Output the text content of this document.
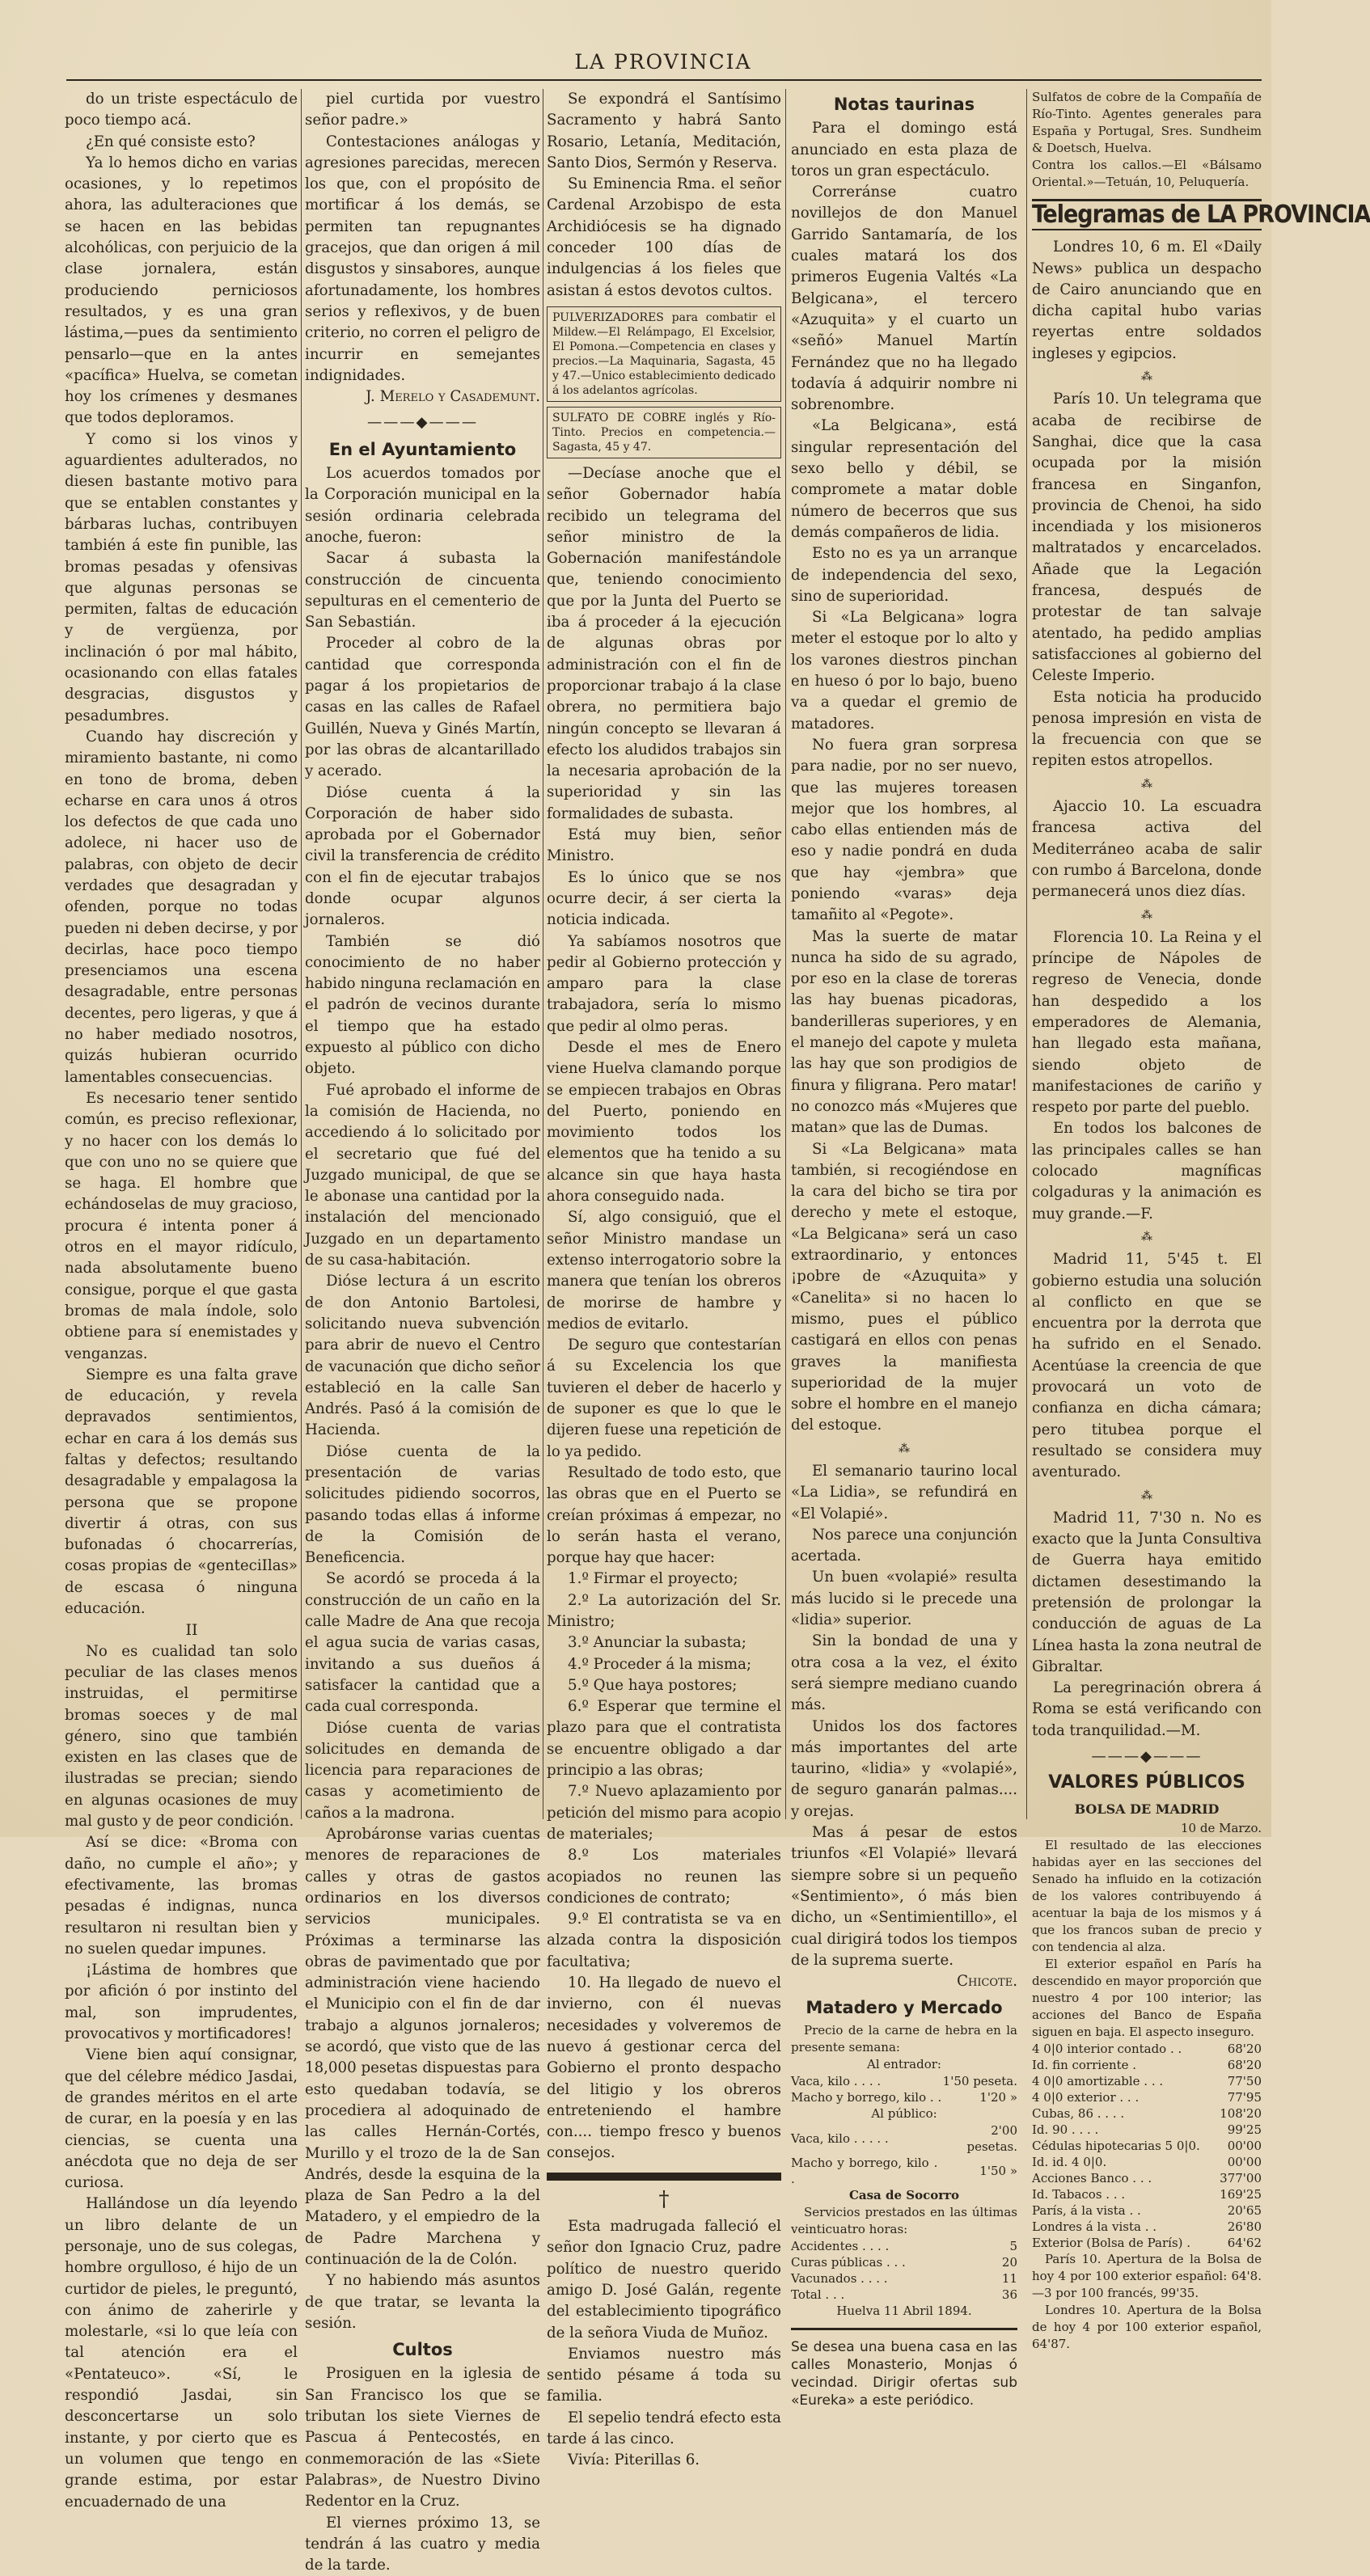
LA PROVINCIA

do un triste espectáculo de poco tiempo acá.

¿En qué consiste esto?

Ya lo hemos dicho en varias ocasiones, y lo repetimos ahora, las adulteraciones que se hacen en las bebidas alcohólicas, con perjuicio de la clase jornalera, están produciendo perniciosos resultados, y es una gran lástima,—pues da sentimiento pensarlo—que en la antes «pacífica» Huelva, se cometan hoy los crímenes y desmanes que todos deploramos.

Y como si los vinos y aguardientes adulterados, no diesen bastante motivo para que se entablen constantes y bárbaras luchas, contribuyen también á este fin punible, las bromas pesadas y ofensivas que algunas personas se permiten, faltas de educación y de vergüenza, por inclinación ó por mal hábito, ocasionando con ellas fatales desgracias, disgustos y pesadumbres.

Cuando hay discreción y miramiento bastante, ni como en tono de broma, deben echarse en cara unos á otros los defectos de que cada uno adolece, ni hacer uso de palabras, con objeto de decir verdades que desagradan y ofenden, porque no todas pueden ni deben decirse, y por decirlas, hace poco tiempo presenciamos una escena desagradable, entre personas decentes, pero ligeras, y que á no haber mediado nosotros, quizás hubieran ocurrido lamentables consecuencias.

Es necesario tener sentido común, es preciso reflexionar, y no hacer con los demás lo que con uno no se quiere que se haga. El hombre que echándoselas de muy gracioso, procura é intenta poner á otros en el mayor ridículo, nada absolutamente bueno consigue, porque el que gasta bromas de mala índole, solo obtiene para sí enemistades y venganzas.

Siempre es una falta grave de educación, y revela depravados sentimientos, echar en cara á los demás sus faltas y defectos; resultando desagradable y empalagosa la persona que se propone divertir á otras, con sus bufonadas ó chocarrerías, cosas propias de «genteciIlas» de escasa ó ninguna educación.

II

No es cualidad tan solo peculiar de las clases menos instruidas, el permitirse bromas soeces y de mal género, sino que también existen en las clases que de ilustradas se precian; siendo en algunas ocasiones de muy mal gusto y de peor condición.

Así se dice: «Broma con daño, no cumple el año»; y efectivamente, las bromas pesadas é indignas, nunca resultaron ni resultan bien y no suelen quedar impunes.

¡Lástima de hombres que por afición ó por instinto del mal, son imprudentes, provocativos y mortificadores!

Viene bien aquí consignar, que del célebre médico Jasdai, de grandes méritos en el arte de curar, en la poesía y en las ciencias, se cuenta una anécdota que no deja de ser curiosa.

Hallándose un día leyendo un libro delante de un personaje, uno de sus colegas, hombre orgulloso, é hijo de un curtidor de pieles, le preguntó, con ánimo de zaherirle y molestarle, «si lo que leía con tal atención era el «Pentateuco». «Sí, le respondió Jasdai, sin desconcertarse un solo instante, y por cierto que es un volumen que tengo en grande estima, por estar encuadernado de una

piel curtida por vuestro señor padre.»

Contestaciones análogas y agresiones parecidas, merecen los que, con el propósito de mortificar á los demás, se permiten tan repugnantes gracejos, que dan origen á mil disgustos y sinsabores, aunque afortunadamente, los hombres serios y reflexivos, y de buen criterio, no corren el peligro de incurrir en semejantes indignidades.

J. Merelo y Casademunt.

———◆———
En el Ayuntamiento

Los acuerdos tomados por la Corporación municipal en la sesión ordinaria celebrada anoche, fueron:

Sacar á subasta la construcción de cincuenta sepulturas en el cementerio de San Sebastián.

Proceder al cobro de la cantidad que corresponda pagar á los propietarios de casas en las calles de Rafael Guillén, Nueva y Ginés Martín, por las obras de alcantarillado y acerado.

Dióse cuenta á la Corporación de haber sido aprobada por el Gobernador civil la transferencia de crédito con el fin de ejecutar trabajos donde ocupar algunos jornaleros.

También se dió conocimiento de no haber habido ninguna reclamación en el padrón de vecinos durante el tiempo que ha estado expuesto al público con dicho objeto.

Fué aprobado el informe de la comisión de Hacienda, no accediendo á lo solicitado por el secretario que fué del Juzgado municipal, de que se le abonase una cantidad por la instalación del mencionado Juzgado en un departamento de su casa-habitación.

Dióse lectura á un escrito de don Antonio Bartolesi, solicitando nueva subvención para abrir de nuevo el Centro de vacunación que dicho señor estableció en la calle San Andrés. Pasó á la comisión de Hacienda.

Dióse cuenta de la presentación de varias solicitudes pidiendo socorros, pasando todas ellas á informe de la Comisión de Beneficencia.

Se acordó se proceda á la construcción de un caño en la calle Madre de Ana que recoja el agua sucia de varias casas, invitando a sus dueños á satisfacer la cantidad que a cada cual corresponda.

Dióse cuenta de varias solicitudes en demanda de licencia para reparaciones de casas y acometimiento de caños a la madrona.

Aprobáronse varias cuentas menores de reparaciones de calles y otras de gastos ordinarios en los diversos servicios municipales. Próximas a terminarse las obras de pavimentado que por administración viene haciendo el Municipio con el fin de dar trabajo a algunos jornaleros; se acordó, que visto que de las 18,000 pesetas dispuestas para esto quedaban todavía, se procediera al adoquinado de las calles Hernán-Cortés, Murillo y el trozo de la de San Andrés, desde la esquina de la plaza de San Pedro a la del Matadero, y el empiedro de la de Padre Marchena y continuación de la de Colón.

Y no habiendo más asuntos de que tratar, se levanta la sesión.

Cultos

Prosiguen en la iglesia de San Francisco los que se tributan los siete Viernes de Pascua á Pentecostés, en conmemoración de las «Siete Palabras», de Nuestro Divino Redentor en la Cruz.

El viernes próximo 13, se tendrán á las cuatro y media de la tarde.

Se expondrá el Santísimo Sacramento y habrá Santo Rosario, Letanía, Meditación, Santo Dios, Sermón y Reserva.

Su Eminencia Rma. el señor Cardenal Arzobispo de esta Archidiócesis se ha dignado conceder 100 días de indulgencias á los fieles que asistan á estos devotos cultos.

PULVERIZADORES para combatir el Mildew.—El Relámpago, El Excelsior, El Pomona.—Competencia en clases y precios.—La Maquinaria, Sagasta, 45 y 47.—Unico establecimiento dedicado á los adelantos agrícolas.

SULFATO DE COBRE inglés y Río-Tinto. Precios en competencia.—Sagasta, 45 y 47.

—Decíase anoche que el señor Gobernador había recibido un telegrama del señor ministro de la Gobernación manifestándole que, teniendo conocimiento que por la Junta del Puerto se iba á proceder á la ejecución de algunas obras por administración con el fin de proporcionar trabajo á la clase obrera, no permitiera bajo ningún concepto se llevaran á efecto los aludidos trabajos sin la necesaria aprobación de la superioridad y sin las formalidades de subasta.

Está muy bien, señor Ministro.

Es lo único que se nos ocurre decir, á ser cierta la noticia indicada.

Ya sabíamos nosotros que pedir al Gobierno protección y amparo para la clase trabajadora, sería lo mismo que pedir al olmo peras.

Desde el mes de Enero viene Huelva clamando porque se empiecen trabajos en Obras del Puerto, poniendo en movimiento todos los elementos que ha tenido a su alcance sin que haya hasta ahora conseguido nada.

Sí, algo consiguió, que el señor Ministro mandase un extenso interrogatorio sobre la manera que tenían los obreros de morirse de hambre y medios de evitarlo.

De seguro que contestarían á su Excelencia los que tuvieren el deber de hacerlo y de suponer es que lo que le dijeren fuese una repetición de lo ya pedido.

Resultado de todo esto, que las obras que en el Puerto se creían próximas á empezar, no lo serán hasta el verano, porque hay que hacer:

1.º Firmar el proyecto;

2.º La autorización del Sr. Ministro;

3.º Anunciar la subasta;

4.º Proceder á la misma;

5.º Que haya postores;

6.º Esperar que termine el plazo para que el contratista se encuentre obligado a dar principio a las obras;

7.º Nuevo aplazamiento por petición del mismo para acopio de materiales;

8.º Los materiales acopiados no reunen las condiciones de contrato;

9.º El contratista se va en alzada contra la disposición facultativa;

10. Ha llegado de nuevo el invierno, con él nuevas necesidades y volveremos de nuevo á gestionar cerca del Gobierno el pronto despacho del litigio y los obreros entreteniendo el hambre con.... tiempo fresco y buenos consejos.

†

Esta madrugada falleció el señor don Ignacio Cruz, padre político de nuestro querido amigo D. José Galán, regente del establecimiento tipográfico de la señora Viuda de Muñoz.

Enviamos nuestro más sentido pésame á toda su familia.

El sepelio tendrá efecto esta tarde á las cinco.

Vivía: Piterillas 6.

Notas taurinas

Para el domingo está anunciado en esta plaza de toros un gran espectáculo.

Correránse cuatro novillejos de don Manuel Garrido Santamaría, de los cuales matará los dos primeros Eugenia Valtés «La Belgicana», el tercero «Azuquita» y el cuarto un «señó» Manuel Martín Fernández que no ha llegado todavía á adquirir nombre ni sobrenombre.

«La Belgicana», está singular representación del sexo bello y débil, se compromete a matar doble número de becerros que sus demás compañeros de lidia.

Esto no es ya un arranque de independencia del sexo, sino de superioridad.

Si «La Belgicana» logra meter el estoque por lo alto y los varones diestros pinchan en hueso ó por lo bajo, bueno va a quedar el gremio de matadores.

No fuera gran sorpresa para nadie, por no ser nuevo, que las mujeres toreasen mejor que los hombres, al cabo ellas entienden más de eso y nadie pondrá en duda que hay «jembra» que poniendo «varas» deja tamañito al «Pegote».

Mas la suerte de matar nunca ha sido de su agrado, por eso en la clase de toreras las hay buenas picadoras, banderilleras superiores, y en el manejo del capote y muleta las hay que son prodigios de finura y filigrana. Pero matar! no conozco más «Mujeres que matan» que las de Dumas.

Si «La Belgicana» mata también, si recogiéndose en la cara del bicho se tira por derecho y mete el estoque, «La Belgicana» será un caso extraordinario, y entonces ¡pobre de «Azuquita» y «Canelita» si no hacen lo mismo, pues el público castigará en ellos con penas graves la manifiesta superioridad de la mujer sobre el hombre en el manejo del estoque.

⁂

El semanario taurino local «La Lidia», se refundirá en «El Volapié».

Nos parece una conjunción acertada.

Un buen «volapié» resulta más lucido si le precede una «lidia» superior.

Sin la bondad de una y otra cosa a la vez, el éxito será siempre mediano cuando más.

Unidos los dos factores más importantes del arte taurino, «lidia» y «volapié», de seguro ganarán palmas.... y orejas.

Mas á pesar de estos triunfos «El Volapié» llevará siempre sobre si un pequeño «Sentimiento», ó más bien dicho, un «Sentimientillo», el cual dirigirá todos los tiempos de la suprema suerte.

Chicote.

Matadero y Mercado

Precio de la carne de hebra en la presente semana:

Al entrador:

Vaca, kilo . . . .	1'50 peseta.
Macho y borrego, kilo . .	1'20 »

Al público:

Vaca, kilo . . . . .	2'00 pesetas.
Macho y borrego, kilo . .	1'50 »

Casa de Socorro

Servicios prestados en las últimas veinticuatro horas:

Accidentes . . . .	5
Curas públicas . . .	20
Vacunados . . . .	11
Total . . .	36

Huelva 11 Abril 1894.

Se desea una buena casa en las calles Monasterio, Monjas ó vecindad. Dirigir ofertas sub «Eureka» a este periódico.

Sulfatos de cobre de la Compañía de Río-Tinto. Agentes generales para España y Portugal, Sres. Sundheim & Doetsch, Huelva.

Contra los callos.—El «Bálsamo Oriental.»—Tetuán, 10, Peluquería.

Telegramas de LA PROVINCIA

Londres 10, 6 m. El «Daily News» publica un despacho de Cairo anunciando que en dicha capital hubo varias reyertas entre soldados ingleses y egipcios.

⁂

París 10. Un telegrama que acaba de recibirse de Sanghai, dice que la casa ocupada por la misión francesa en Singanfon, provincia de Chenoi, ha sido incendiada y los misioneros maltratados y encarcelados. Añade que la Legación francesa, después de protestar de tan salvaje atentado, ha pedido amplias satisfacciones al gobierno del Celeste Imperio.

Esta noticia ha producido penosa impresión en vista de la frecuencia con que se repiten estos atropellos.

⁂

Ajaccio 10. La escuadra francesa activa del Mediterráneo acaba de salir con rumbo á Barcelona, donde permanecerá unos diez días.

⁂

Florencia 10. La Reina y el príncipe de Nápoles de regreso de Venecia, donde han despedido a los emperadores de Alemania, han llegado esta mañana, siendo objeto de manifestaciones de cariño y respeto por parte del pueblo.

En todos los balcones de las principales calles se han colocado magníficas colgaduras y la animación es muy grande.—F.

⁂

Madrid 11, 5'45 t. El gobierno estudia una solución al conflicto en que se encuentra por la derrota que ha sufrido en el Senado. Acentúase la creencia de que provocará un voto de confianza en dicha cámara; pero titubea porque el resultado se considera muy aventurado.

⁂

Madrid 11, 7'30 n. No es exacto que la Junta Consultiva de Guerra haya emitido dictamen desestimando la pretensión de prolongar la conducción de aguas de La Línea hasta la zona neutral de Gibraltar.

La peregrinación obrera á Roma se está verificando con toda tranquilidad.—M.

———◆———
VALORES PÚBLICOS

BOLSA DE MADRID

10 de Marzo.

El resultado de las elecciones habidas ayer en las secciones del Senado ha influido en la cotización de los valores contribuyendo á acentuar la baja de los mismos y á que los francos suban de precio y con tendencia al alza.

El exterior español en París ha descendido en mayor proporción que nuestro 4 por 100 interior; las acciones del Banco de España siguen en baja. El aspecto inseguro.

4 0|0 interior contado . .	68'20
Id. fin corriente .	68'20
4 0|0 amortizable . . .	77'50
4 0|0 exterior . . .	77'95
Cubas, 86 . . . .	108'20
Id. 90 . . . .	99'25
Cédulas hipotecarias 5 0|0.	00'00
Id. id. 4 0|0.	00'00
Acciones Banco . . .	377'00
Id. Tabacos . . .	169'25
París, á la vista . .	20'65
Londres á la vista . .	26'80
Exterior (Bolsa de París) .	64'62

París 10. Apertura de la Bolsa de hoy 4 por 100 exterior español: 64'8.—3 por 100 francés, 99'35.

Londres 10. Apertura de la Bolsa de hoy 4 por 100 exterior español, 64'87.
